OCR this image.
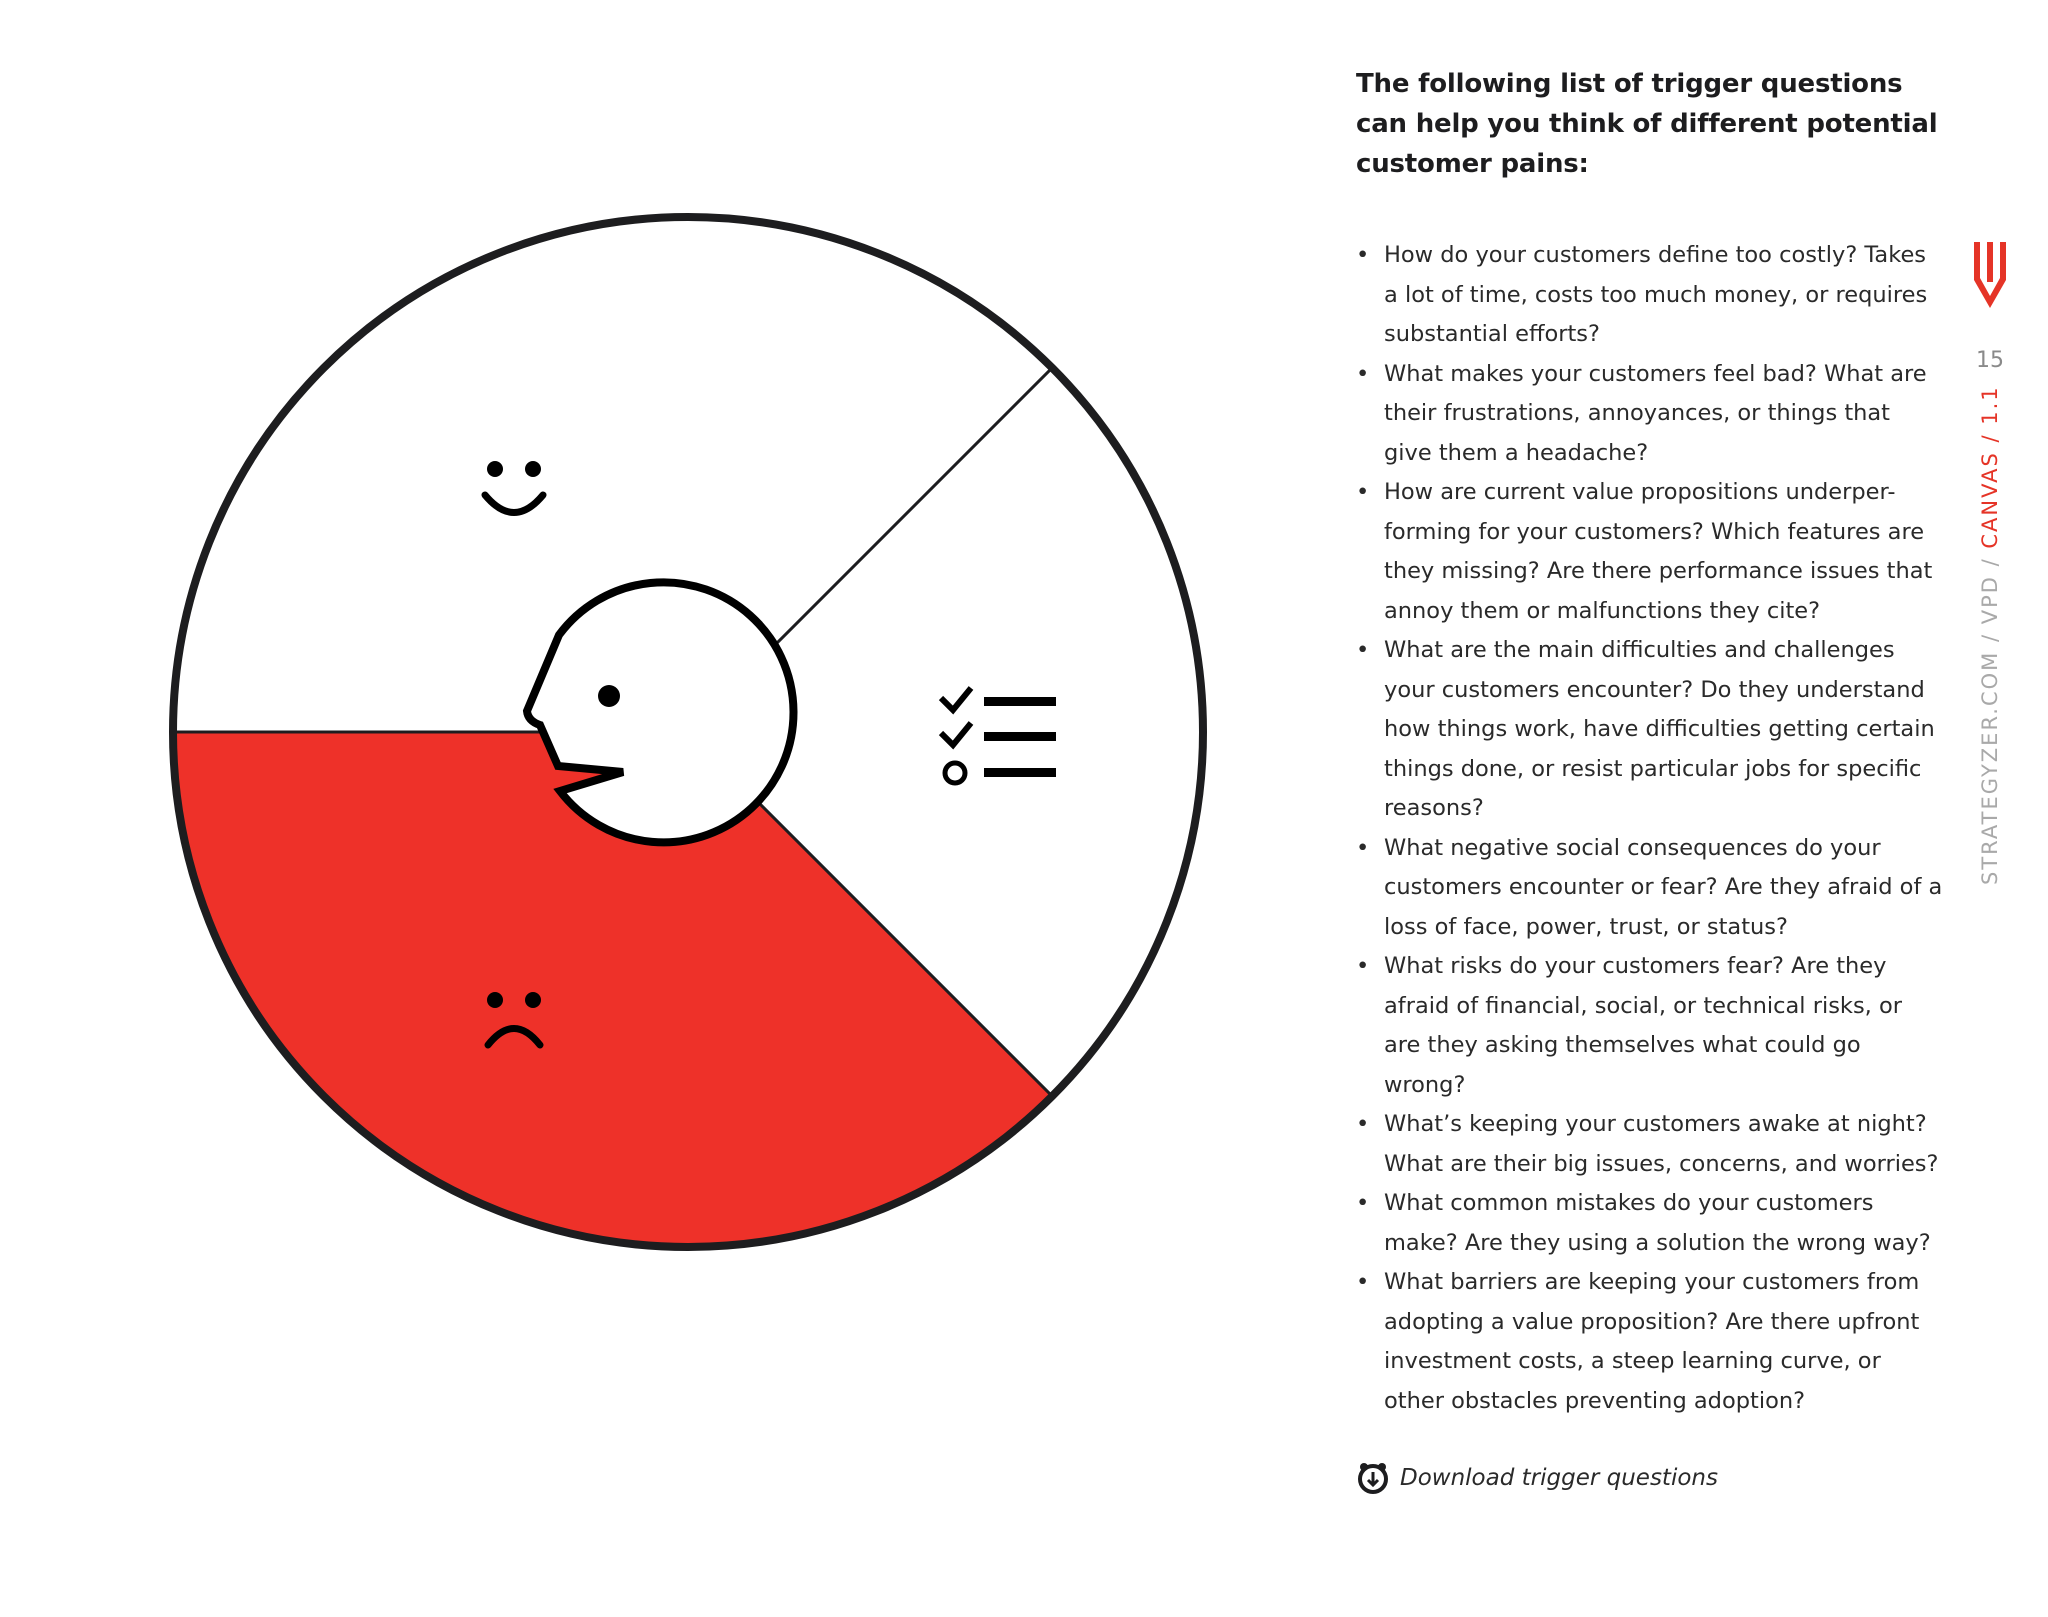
The following list of trigger questions can help you think of different potential customer pains:
• How do your customers define too costly? Takes a lot of time, costs too much money, or requires substantial efforts?
• What makes your customers feel bad? What are their frustrations, annoyances, or things that give them a headache?
• How are current value propositions underper-forming for your customers? Which features are they missing? Are there performance issues that annoy them or malfunctions they cite?
• What are the main difficulties and challenges your customers encounter? Do they understand how things work, have difficulties getting certain things done, or resist particular jobs for specific reasons?
• What negative social consequences do your customers encounter or fear? Are they afraid of a loss of face, power, trust, or status?
• What risks do your customers fear? Are they afraid of financial, social, or technical risks, or are they asking themselves what could go wrong?
• What’s keeping your customers awake at night? What are their big issues, concerns, and worries?
• What common mistakes do your customers make? Are they using a solution the wrong way?
• What barriers are keeping your customers from adopting a value proposition? Are there upfront investment costs, a steep learning curve, or other obstacles preventing adoption?
Download trigger questions
15
STRATEGYZER.COM / VPD / CANVAS / 1.1
